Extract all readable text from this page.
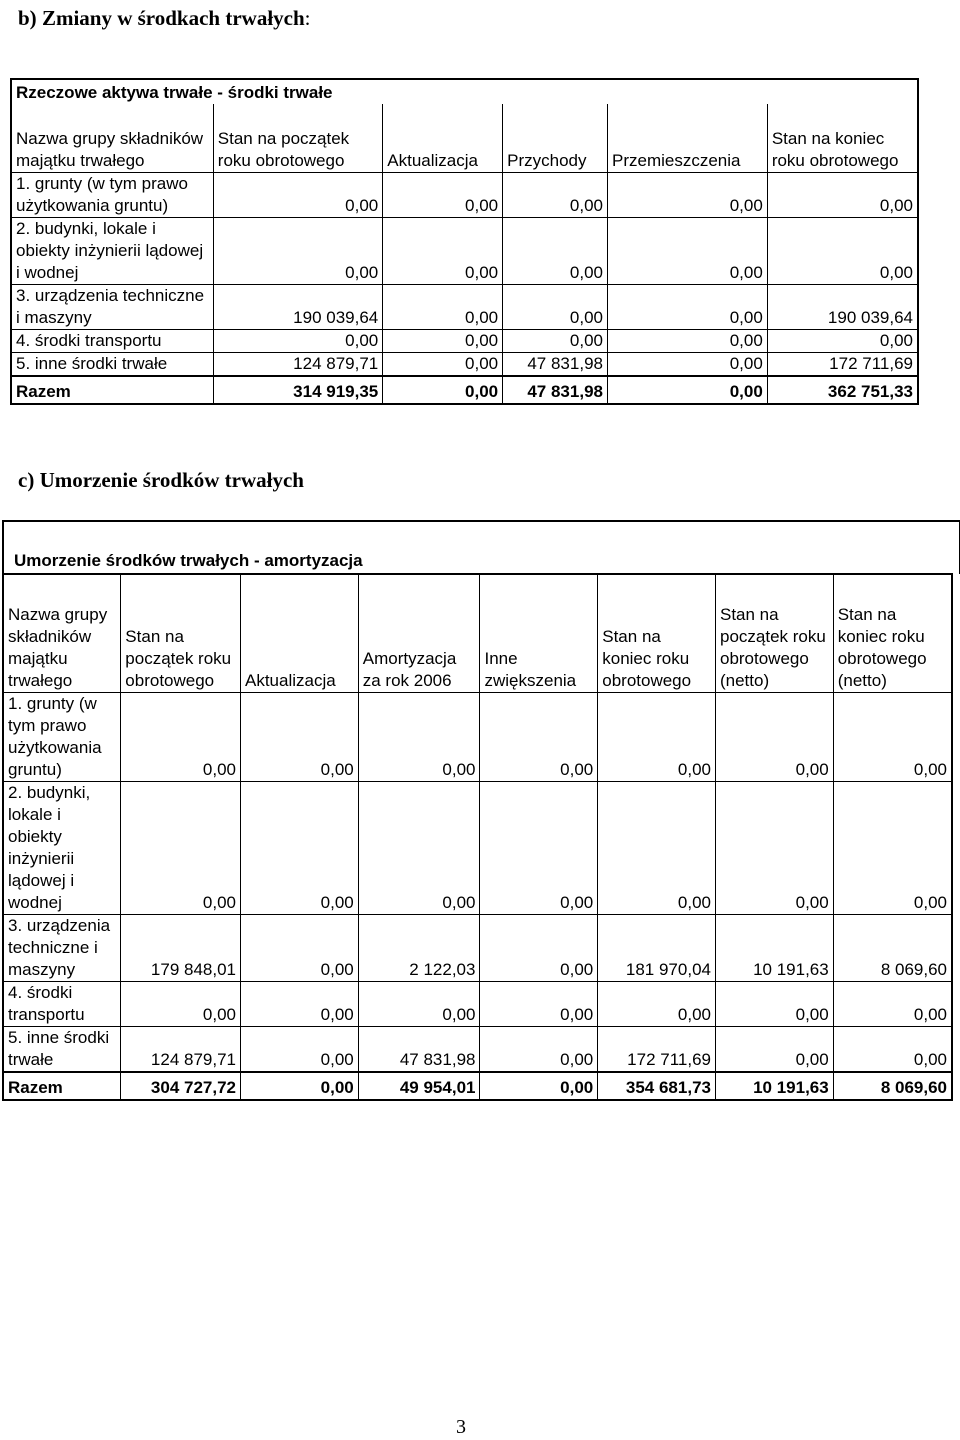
b) Zmiany w środkach trwałych:
Rzeczowe aktywa trwałe - środki trwałe					
Nazwa grupy składników majątku trwałego	Stan na początek roku obrotowego	Aktualizacja	Przychody	Przemieszczenia	Stan na koniec roku obrotowego
1. grunty (w tym prawo użytkowania gruntu)	0,00	0,00	0,00	0,00	0,00
2. budynki, lokale i obiekty inżynierii lądowej i wodnej	0,00	0,00	0,00	0,00	0,00
3. urządzenia techniczne i maszyny	190 039,64	0,00	0,00	0,00	190 039,64
4. środki transportu	0,00	0,00	0,00	0,00	0,00
5. inne środki trwałe	124 879,71	0,00	47 831,98	0,00	172 711,69
Razem	314 919,35	0,00	47 831,98	0,00	362 751,33
c) Umorzenie środków trwałych
Umorzenie środków trwałych - amortyzacja
Nazwa grupy składników majątku trwałego	Stan na początek roku obrotowego	Aktualizacja	Amortyzacja za rok 2006	Inne zwiększenia	Stan na koniec roku obrotowego	Stan na początek roku obrotowego (netto)	Stan na koniec roku obrotowego (netto)
1. grunty (w tym prawo użytkowania gruntu)	0,00	0,00	0,00	0,00	0,00	0,00	0,00
2. budynki, lokale i obiekty inżynierii lądowej i wodnej	0,00	0,00	0,00	0,00	0,00	0,00	0,00
3. urządzenia techniczne i maszyny	179 848,01	0,00	2 122,03	0,00	181 970,04	10 191,63	8 069,60
4. środki transportu	0,00	0,00	0,00	0,00	0,00	0,00	0,00
5. inne środki trwałe	124 879,71	0,00	47 831,98	0,00	172 711,69	0,00	0,00
Razem	304 727,72	0,00	49 954,01	0,00	354 681,73	10 191,63	8 069,60
3
